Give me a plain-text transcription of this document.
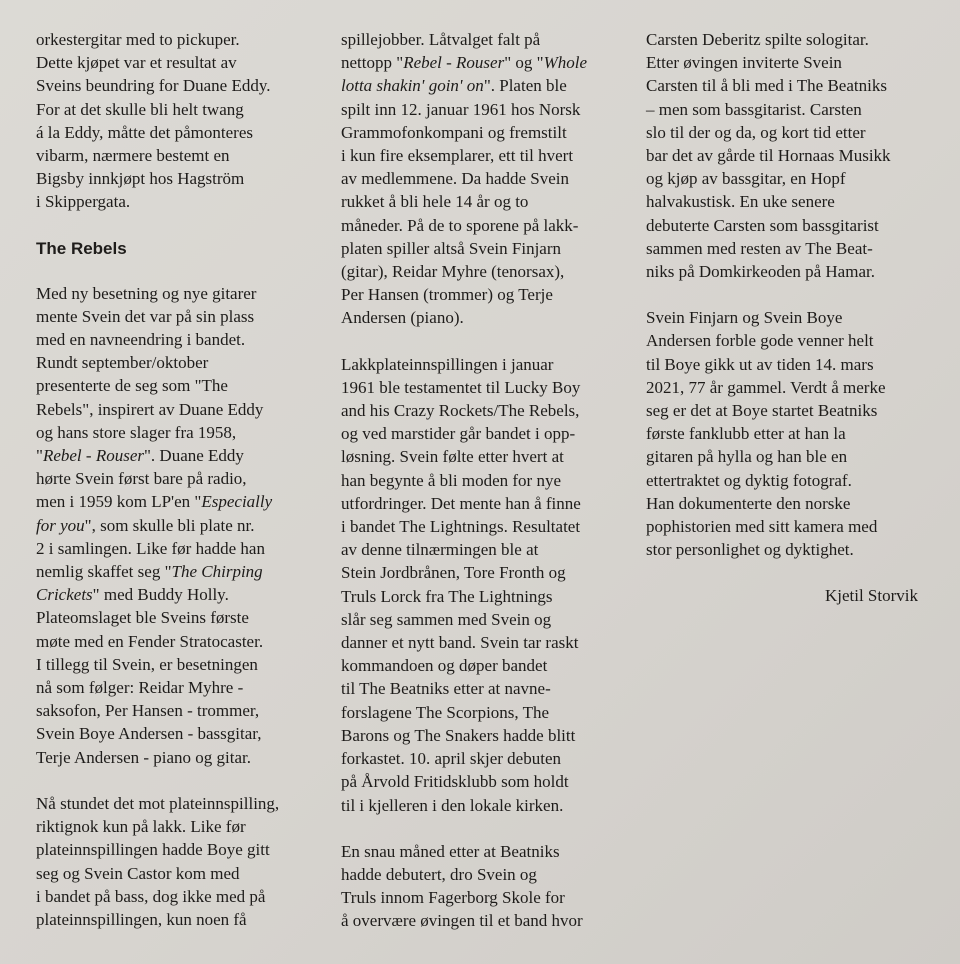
orkestergitar med to pickuper.
Dette kjøpet var et resultat av
Sveins beundring for Duane Eddy.
For at det skulle bli helt twang
á la Eddy, måtte det påmonteres
vibarm, nærmere bestemt en
Bigsby innkjøpt hos Hagström
i Skippergata.

The Rebels

Med ny besetning og nye gitarer
mente Svein det var på sin plass
med en navneendring i bandet.
Rundt september/oktober
presenterte de seg som "The
Rebels", inspirert av Duane Eddy
og hans store slager fra 1958,
"Rebel - Rouser". Duane Eddy
hørte Svein først bare på radio,
men i 1959 kom LP'en "Especially
for you", som skulle bli plate nr.
2 i samlingen. Like før hadde han
nemlig skaffet seg "The Chirping
Crickets" med Buddy Holly.
Plateomslaget ble Sveins første
møte med en Fender Stratocaster.
I tillegg til Svein, er besetningen
nå som følger: Reidar Myhre -
saksofon, Per Hansen - trommer,
Svein Boye Andersen - bassgitar,
Terje Andersen - piano og gitar.

Nå stundet det mot plateinnspilling,
riktignok kun på lakk. Like før
plateinnspillingen hadde Boye gitt
seg og Svein Castor kom med
i bandet på bass, dog ikke med på
plateinnspillingen, kun noen få

spillejobber. Låtvalget falt på
nettopp "Rebel - Rouser" og "Whole
lotta shakin' goin' on". Platen ble
spilt inn 12. januar 1961 hos Norsk
Grammofonkompani og fremstilt
i kun fire eksemplarer, ett til hvert
av medlemmene. Da hadde Svein
rukket å bli hele 14 år og to
måneder. På de to sporene på lakk-
platen spiller altså Svein Finjarn
(gitar), Reidar Myhre (tenorsax),
Per Hansen (trommer) og Terje
Andersen (piano).

Lakkplateinnspillingen i januar
1961 ble testamentet til Lucky Boy
and his Crazy Rockets/The Rebels,
og ved marstider går bandet i opp-
løsning. Svein følte etter hvert at
han begynte å bli moden for nye
utfordringer. Det mente han å finne
i bandet The Lightnings. Resultatet
av denne tilnærmingen ble at
Stein Jordbrånen, Tore Fronth og
Truls Lorck fra The Lightnings
slår seg sammen med Svein og
danner et nytt band. Svein tar raskt
kommandoen og døper bandet
til The Beatniks etter at navne-
forslagene The Scorpions, The
Barons og The Snakers hadde blitt
forkastet. 10. april skjer debuten
på Årvold Fritidsklubb som holdt
til i kjelleren i den lokale kirken.

En snau måned etter at Beatniks
hadde debutert, dro Svein og
Truls innom Fagerborg Skole for
å overvære øvingen til et band hvor

Carsten Deberitz spilte sologitar.
Etter øvingen inviterte Svein
Carsten til å bli med i The Beatniks
– men som bassgitarist. Carsten
slo til der og da, og kort tid etter
bar det av gårde til Hornaas Musikk
og kjøp av bassgitar, en Hopf
halvakustisk. En uke senere
debuterte Carsten som bassgitarist
sammen med resten av The Beat-
niks på Domkirkeoden på Hamar.

Svein Finjarn og Svein Boye
Andersen forble gode venner helt
til Boye gikk ut av tiden 14. mars
2021, 77 år gammel. Verdt å merke
seg er det at Boye startet Beatniks
første fanklubb etter at han la
gitaren på hylla og han ble en
ettertraktet og dyktig fotograf.
Han dokumenterte den norske
pophistorien med sitt kamera med
stor personlighet og dyktighet.

Kjetil Storvik
